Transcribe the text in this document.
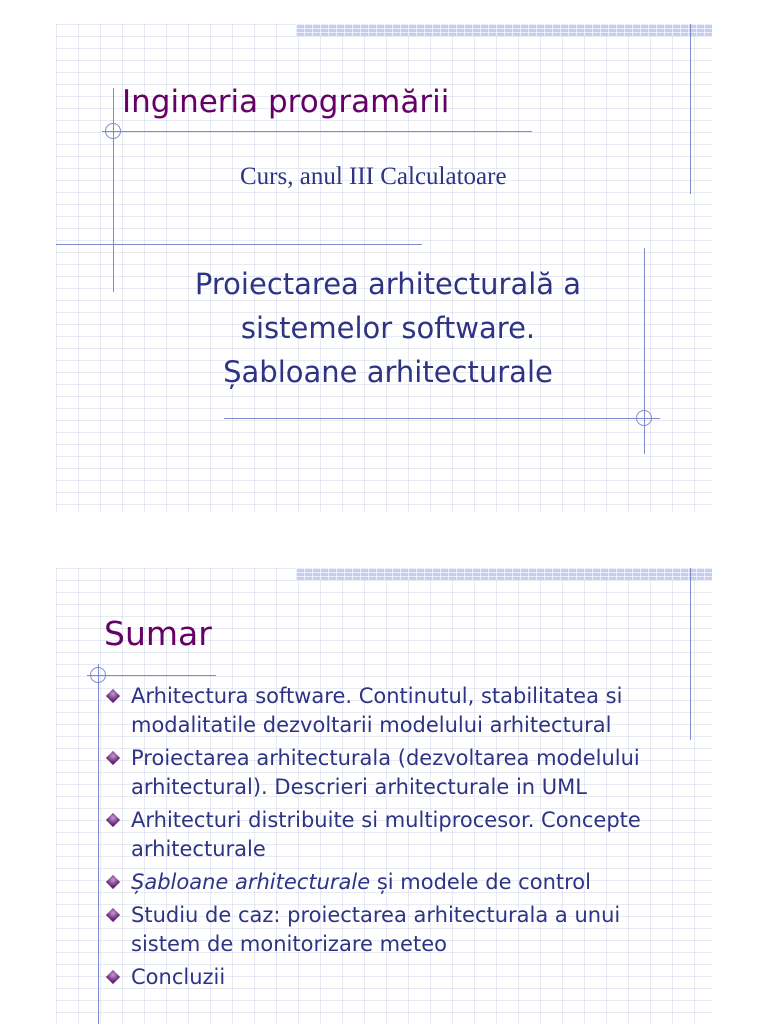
Ingineria programării
Curs, anul III Calculatoare
Proiectarea arhitecturală a
sistemelor software.
Șabloane arhitecturale
Sumar
Arhitectura software. Continutul, stabilitatea si
modalitatile dezvoltarii modelului arhitectural
Proiectarea arhitecturala (dezvoltarea modelului
arhitectural). Descrieri arhitecturale in UML
Arhitecturi distribuite si multiprocesor. Concepte
arhitecturale
Șabloane arhitecturale și modele de control
Studiu de caz: proiectarea arhitecturala a unui
sistem de monitorizare meteo
Concluzii
